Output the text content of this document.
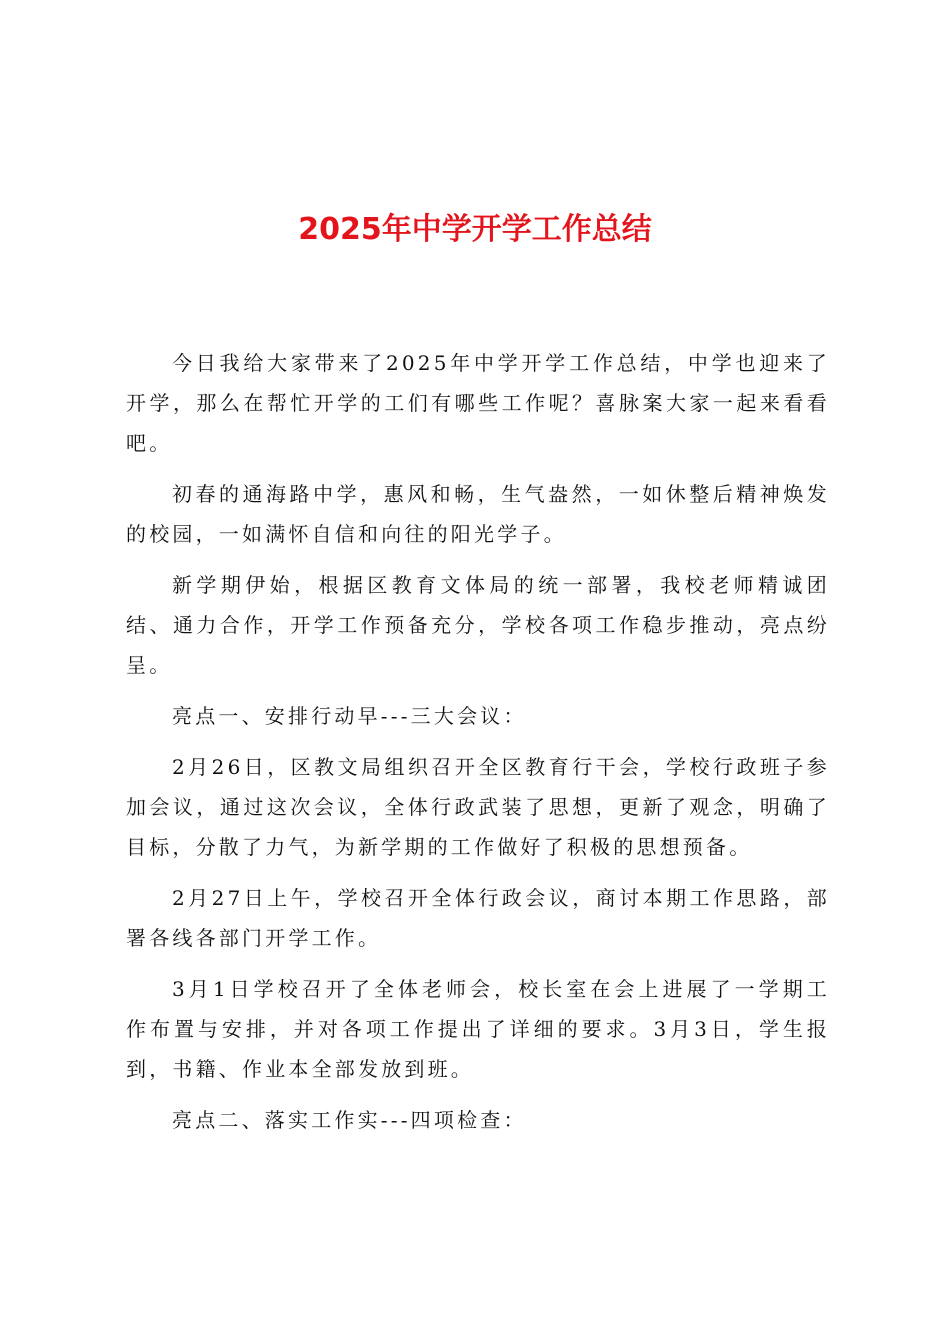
2025年中学开学工作总结

今日我给大家带来了2025年中学开学工作总结，中学也迎来了开学，那么在帮忙开学的工们有哪些工作呢？喜脉案大家一起来看看吧。

初春的通海路中学，惠风和畅，生气盎然，一如休整后精神焕发的校园，一如满怀自信和向往的阳光学子。

新学期伊始，根据区教育文体局的统一部署，我校老师精诚团结、通力合作，开学工作预备充分，学校各项工作稳步推动，亮点纷呈。

亮点一、安排行动早---三大会议：

2月26日，区教文局组织召开全区教育行干会，学校行政班子参加会议，通过这次会议，全体行政武装了思想，更新了观念，明确了目标，分散了力气，为新学期的工作做好了积极的思想预备。

2月27日上午，学校召开全体行政会议，商讨本期工作思路，部署各线各部门开学工作。

3月1日学校召开了全体老师会，校长室在会上进展了一学期工作布置与安排，并对各项工作提出了详细的要求。3月3日，学生报到，书籍、作业本全部发放到班。

亮点二、落实工作实---四项检查：
